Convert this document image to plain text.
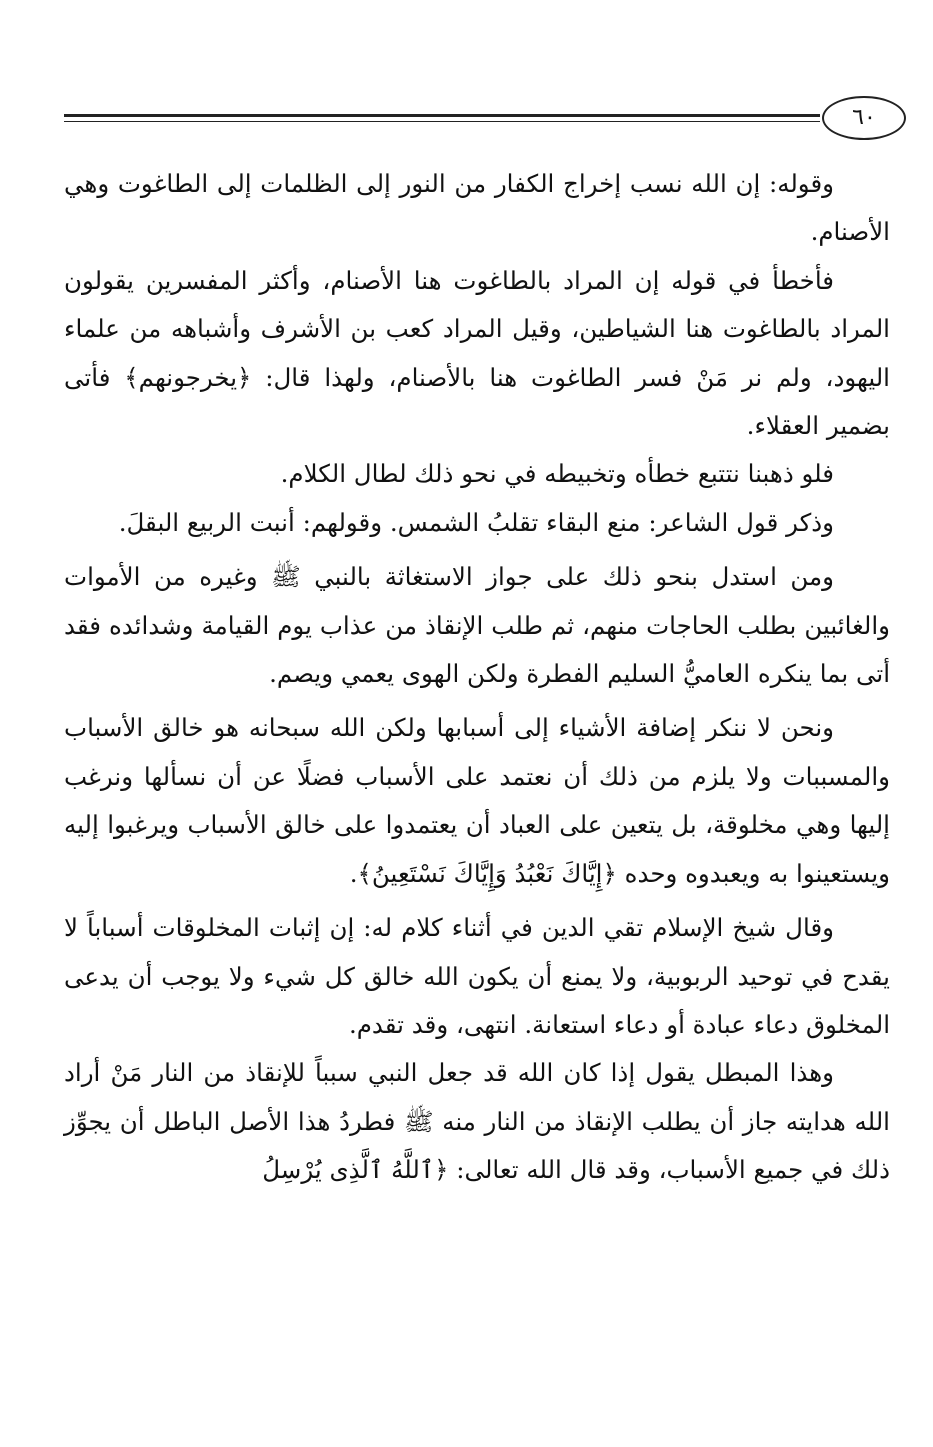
٦٠

وقوله: إن الله نسب إخراج الكفار من النور إلى الظلمات إلى الطاغوت وهي الأصنام.

فأخطأ في قوله إن المراد بالطاغوت هنا الأصنام، وأكثر المفسرين يقولون المراد بالطاغوت هنا الشياطين، وقيل المراد كعب بن الأشرف وأشباهه من علماء اليهود، ولم نر مَنْ فسر الطاغوت هنا بالأصنام، ولهذا قال: ﴿يخرجونهم﴾ فأتى بضمير العقلاء.

فلو ذهبنا نتتبع خطأه وتخبيطه في نحو ذلك لطال الكلام.

وذكر قول الشاعر: منع البقاء تقلبُ الشمس. وقولهم: أنبت الربيع البقلَ.

ومن استدل بنحو ذلك على جواز الاستغاثة بالنبي ﷺ وغيره من الأموات والغائبين بطلب الحاجات منهم، ثم طلب الإنقاذ من عذاب يوم القيامة وشدائده فقد أتى بما ينكره العاميُّ السليم الفطرة ولكن الهوى يعمي ويصم.

ونحن لا ننكر إضافة الأشياء إلى أسبابها ولكن الله سبحانه هو خالق الأسباب والمسببات ولا يلزم من ذلك أن نعتمد على الأسباب فضلًا عن أن نسألها ونرغب إليها وهي مخلوقة، بل يتعين على العباد أن يعتمدوا على خالق الأسباب ويرغبوا إليه ويستعينوا به ويعبدوه وحده ﴿إِيَّاكَ نَعْبُدُ وَإِيَّاكَ نَسْتَعِينُ﴾.

وقال شيخ الإسلام تقي الدين في أثناء كلام له: إن إثبات المخلوقات أسباباً لا يقدح في توحيد الربوبية، ولا يمنع أن يكون الله خالق كل شيء ولا يوجب أن يدعى المخلوق دعاء عبادة أو دعاء استعانة. انتهى، وقد تقدم.

وهذا المبطل يقول إذا كان الله قد جعل النبي سبباً للإنقاذ من النار مَنْ أراد الله هدايته جاز أن يطلب الإنقاذ من النار منه ﷺ فطردُ هذا الأصل الباطل أن يجوِّز ذلك في جميع الأسباب، وقد قال الله تعالى: ﴿ٱللَّهُ ٱلَّذِى يُرْسِلُ
